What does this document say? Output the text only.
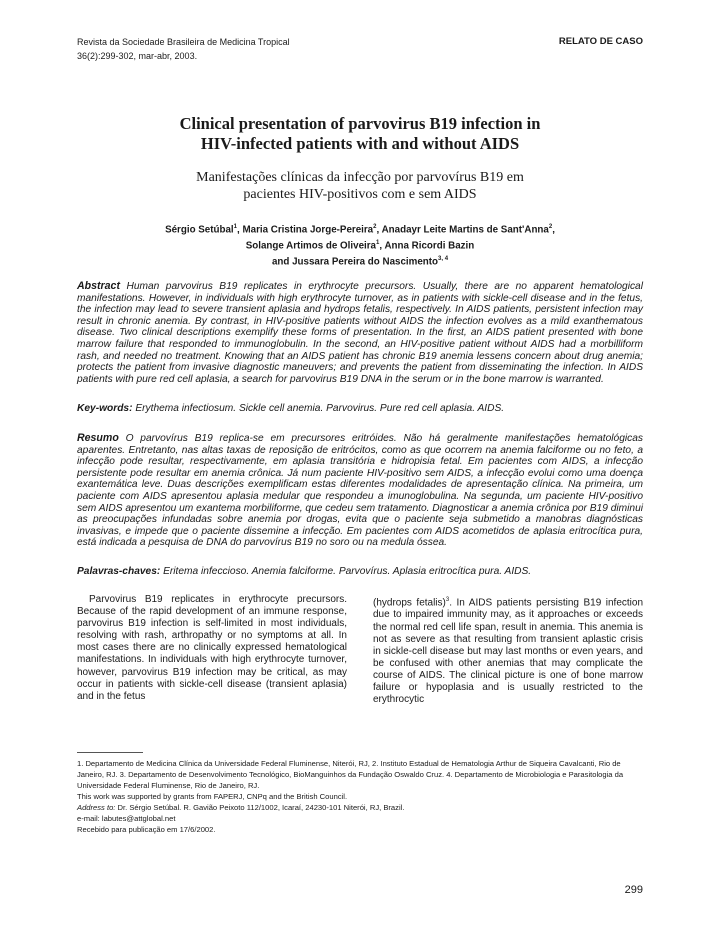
Revista da Sociedade Brasileira de Medicina Tropical
36(2):299-302, mar-abr, 2003.
RELATO DE CASO
Clinical presentation of parvovirus B19 infection in
HIV-infected patients with and without AIDS
Manifestações clínicas da infecção por parvovírus B19 em
pacientes HIV-positivos com e sem AIDS
Sérgio Setúbal$^1$, Maria Cristina Jorge-Pereira$^2$, Anadayr Leite Martins de Sant'Anna$^2$,
Solange Artimos de Oliveira$^1$, Anna Ricordi Bazin
and Jussara Pereira do Nascimento$^{3, 4}$
Abstract Human parvovirus B19 replicates in erythrocyte precursors. Usually, there are no apparent hematological manifestations. However, in individuals with high erythrocyte turnover, as in patients with sickle-cell disease and in the fetus, the infection may lead to severe transient aplasia and hydrops fetalis, respectively. In AIDS patients, persistent infection may result in chronic anemia. By contrast, in HIV-positive patients without AIDS the infection evolves as a mild exanthematous disease. Two clinical descriptions exemplify these forms of presentation. In the first, an AIDS patient presented with bone marrow failure that responded to immunoglobulin. In the second, an HIV-positive patient without AIDS had a morbilliform rash, and needed no treatment. Knowing that an AIDS patient has chronic B19 anemia lessens concern about drug anemia; protects the patient from invasive diagnostic maneuvers; and prevents the patient from disseminating the infection. In AIDS patients with pure red cell aplasia, a search for parvovirus B19 DNA in the serum or in the bone marrow is warranted.
Key-words: Erythema infectiosum. Sickle cell anemia. Parvovirus. Pure red cell aplasia. AIDS.
Resumo O parvovírus B19 replica-se em precursores eritróides. Não há geralmente manifestações hematológicas aparentes. Entretanto, nas altas taxas de reposição de eritrócitos, como as que ocorrem na anemia falciforme ou no feto, a infecção pode resultar, respectivamente, em aplasia transitória e hidropisia fetal. Em pacientes com AIDS, a infecção persistente pode resultar em anemia crônica. Já num paciente HIV-positivo sem AIDS, a infecção evolui como uma doença exantemática leve. Duas descrições exemplificam estas diferentes modalidades de apresentação clínica. Na primeira, um paciente com AIDS apresentou aplasia medular que respondeu a imunoglobulina. Na segunda, um paciente HIV-positivo sem AIDS apresentou um exantema morbiliforme, que cedeu sem tratamento. Diagnosticar a anemia crônica por B19 diminui as preocupações infundadas sobre anemia por drogas, evita que o paciente seja submetido a manobras diagnósticas invasivas, e impede que o paciente dissemine a infecção. Em pacientes com AIDS acometidos de aplasia eritrocítica pura, está indicada a pesquisa de DNA do parvovírus B19 no soro ou na medula óssea.
Palavras-chaves: Eritema infeccioso. Anemia falciforme. Parvovírus. Aplasia eritrocítica pura. AIDS.
Parvovirus B19 replicates in erythrocyte precursors. Because of the rapid development of an immune response, parvovirus B19 infection is self-limited in most individuals, resolving with rash, arthropathy or no symptoms at all. In most cases there are no clinically expressed hematological manifestations. In individuals with high erythrocyte turnover, however, parvovirus B19 infection may be critical, as may occur in patients with sickle-cell disease (transient aplasia) and in the fetus
(hydrops fetalis)$^3$. In AIDS patients persisting B19 infection due to impaired immunity may, as it approaches or exceeds the normal red cell life span, result in anemia. This anemia is not as severe as that resulting from transient aplastic crisis in sickle-cell disease but may last months or even years, and be confused with other anemias that may complicate the course of AIDS. The clinical picture is one of bone marrow failure or hypoplasia and is usually restricted to the erythrocytic
1. Departamento de Medicina Clínica da Universidade Federal Fluminense, Niterói, RJ, 2. Instituto Estadual de Hematologia Arthur de Siqueira Cavalcanti, Rio de Janeiro, RJ. 3. Departamento de Desenvolvimento Tecnológico, BioManguinhos da Fundação Oswaldo Cruz. 4. Departamento de Microbiologia e Parasitologia da Universidade Federal Fluminense, Rio de Janeiro, RJ.
This work was supported by grants from FAPERJ, CNPq and the British Council.
Address to: Dr. Sérgio Setúbal. R. Gavião Peixoto 112/1002, Icaraí, 24230-101 Niterói, RJ, Brazil.
e-mail: labutes@attglobal.net
Recebido para publicação em 17/6/2002.
299
